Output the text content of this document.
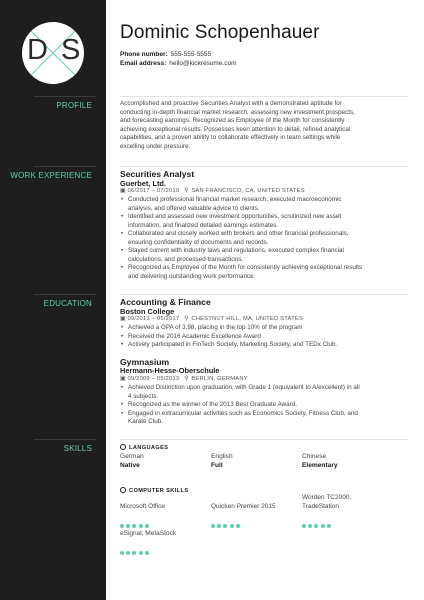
D S
PROFILE
WORK EXPERIENCE
EDUCATION
SKILLS
Dominic Schopenhauer
Phone number: 555-555-5555
Email address: hello@kickresume.com
Accomplished and proactive Securities Analyst with a demonstrated aptitude for
conducting in-depth financial market research, assessing new investment prospects,
and forecasting earnings. Recognized as Employee of the Month for consistently
achieving exceptional results. Possesses keen attention to detail, refined analytical
capabilities, and a proven ability to collaborate effectively in team settings while
excelling under pressure.
Securities Analyst
Guerbet, Ltd.
▣ 06/2017 – 07/2019 ⚲ SAN FRANCISCO, CA, UNITED STATES
• Conducted professional financial market research, executed macroeconomic
analysis, and offered valuable advice to clients.
• Identified and assessed new investment opportunities, scrutinized new asset
information, and finalized detailed earnings estimates.
• Collaborated and closely worked with brokers and other financial professionals,
ensuring confidentiality of documents and records.
• Stayed current with industry laws and regulations, executed complex financial
calculations, and processed transactions.
• Recognized as Employee of the Month for consistently achieving exceptional results
and delivering outstanding work performance.
Accounting & Finance
Boston College
▣ 09/2013 – 05/2017 ⚲ CHESTNUT HILL, MA, UNITED STATES
• Achieved a GPA of 3.98, placing in the top 10% of the program
• Received the 2016 Academic Excellence Award
• Actively participated in FinTech Society, Marketing Society, and TEDx Club.
Gymnasium
Hermann-Hesse-Oberschule
▣ 09/2009 – 05/2013 ⚲ BERLIN, GERMANY
• Achieved Distinction upon graduation, with Grade 1 (equivalent to A/excellent) in all
4 subjects.
• Recognized as the winner of the 2013 Best Graduate Award.
• Engaged in extracurricular activities such as Economics Society, Fitness Club, and
Karate Club.
LANGUAGES
German
Native
English
Full
Chinese
Elementary
COMPUTER SKILLS
Microsoft Office	Quicken Premier 2015
Worden TC2000,
TradeStation
eSignal, MetaStock
